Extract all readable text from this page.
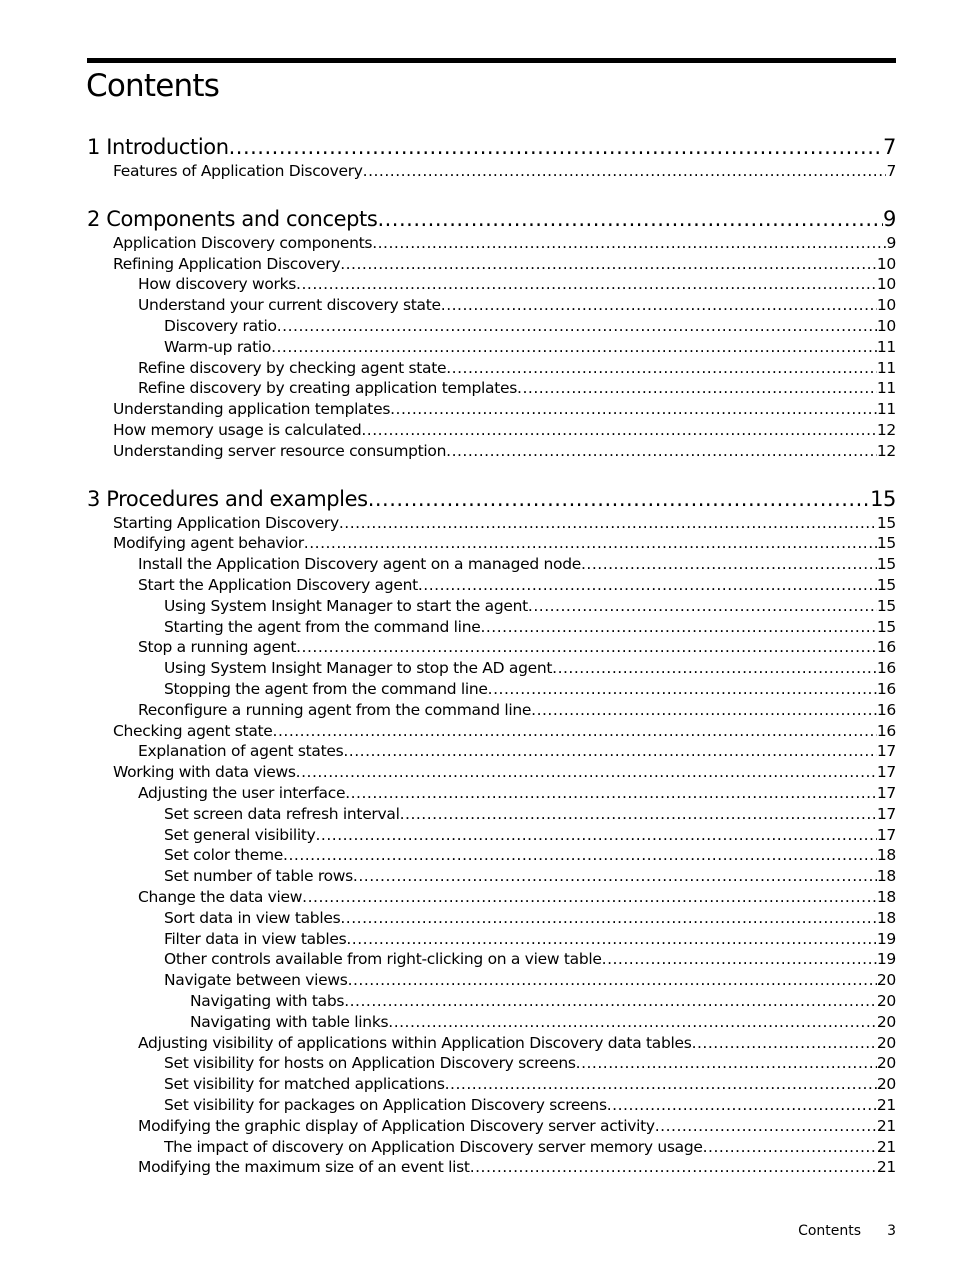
Contents
1 Introduction .....	7
Features of Application Discovery .....	7
2 Components and concepts .....	9
Application Discovery components .....	9
Refining Application Discovery .....	10
How discovery works .....	10
Understand your current discovery state .....	10
Discovery ratio .....	10
Warm-up ratio .....	11
Refine discovery by checking agent state .....	11
Refine discovery by creating application templates .....	11
Understanding application templates .....	11
How memory usage is calculated .....	12
Understanding server resource consumption .....	12
3 Procedures and examples .....	15
Starting Application Discovery .....	15
Modifying agent behavior .....	15
Install the Application Discovery agent on a managed node .....	15
Start the Application Discovery agent .....	15
Using System Insight Manager to start the agent .....	15
Starting the agent from the command line .....	15
Stop a running agent .....	16
Using System Insight Manager to stop the AD agent .....	16
Stopping the agent from the command line .....	16
Reconfigure a running agent from the command line .....	16
Checking agent state .....	16
Explanation of agent states .....	17
Working with data views .....	17
Adjusting the user interface .....	17
Set screen data refresh interval .....	17
Set general visibility .....	17
Set color theme .....	18
Set number of table rows .....	18
Change the data view .....	18
Sort data in view tables .....	18
Filter data in view tables .....	19
Other controls available from right-clicking on a view table .....	19
Navigate between views .....	20
Navigating with tabs .....	20
Navigating with table links .....	20
Adjusting visibility of applications within Application Discovery data tables .....	20
Set visibility for hosts on Application Discovery screens .....	20
Set visibility for matched applications .....	20
Set visibility for packages on Application Discovery screens .....	21
Modifying the graphic display of Application Discovery server activity .....	21
The impact of discovery on Application Discovery server memory usage .....	21
Modifying the maximum size of an event list .....	21
Contents 3
